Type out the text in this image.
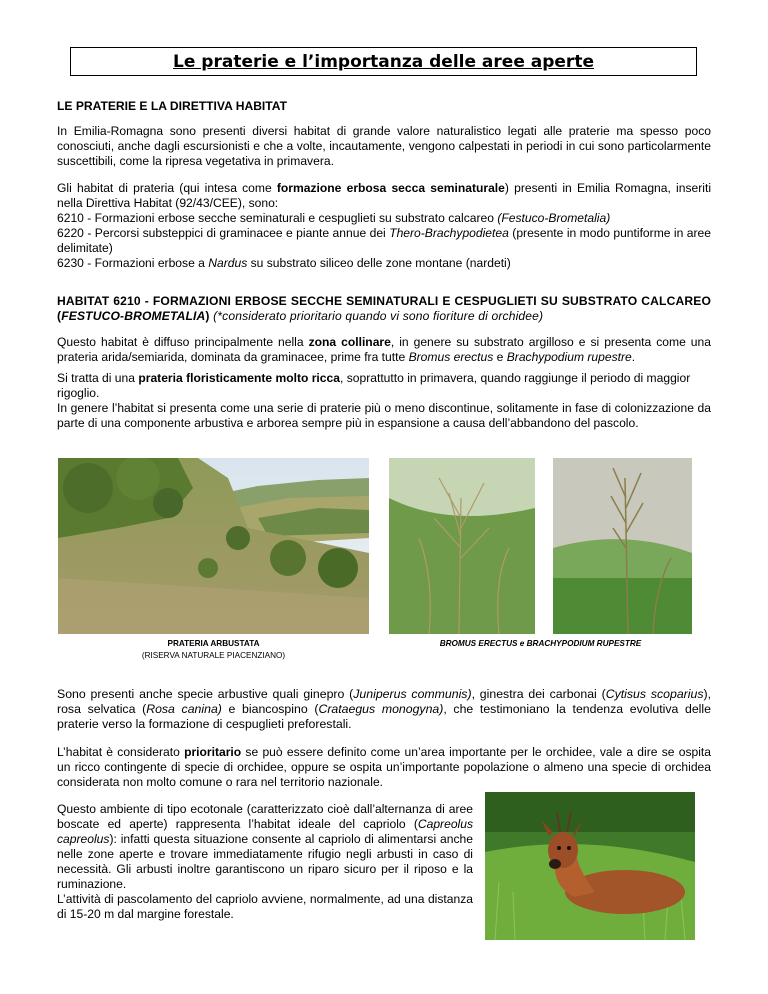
Le praterie e l’importanza delle aree aperte
LE PRATERIE E LA DIRETTIVA HABITAT
In Emilia-Romagna sono presenti diversi habitat di grande valore naturalistico legati alle praterie ma spesso poco conosciuti, anche dagli escursionisti e che a volte, incautamente, vengono calpestati in periodi in cui sono particolarmente suscettibili, come la ripresa vegetativa in primavera.
Gli habitat di prateria (qui intesa come formazione erbosa secca seminaturale) presenti in Emilia Romagna, inseriti nella Direttiva Habitat (92/43/CEE), sono:
6210 - Formazioni erbose secche seminaturali e cespuglieti su substrato calcareo (Festuco-Brometalia)
6220 - Percorsi substeppici di graminacee e piante annue dei Thero-Brachypodietea (presente in modo puntiforme in aree delimitate)
6230 - Formazioni erbose a Nardus su substrato siliceo delle zone montane (nardeti)
HABITAT 6210 - FORMAZIONI ERBOSE SECCHE SEMINATURALI E CESPUGLIETI SU SUBSTRATO CALCAREO (FESTUCO-BROMETALIA) (*considerato prioritario quando vi sono fioriture di orchidee)
Questo habitat è diffuso principalmente nella zona collinare, in genere su substrato argilloso e si presenta come una prateria arida/semiarida, dominata da graminacee, prime fra tutte Bromus erectus e Brachypodium rupestre.
Si tratta di una prateria floristicamente molto ricca, soprattutto in primavera, quando raggiunge il periodo di maggior rigoglio.
In genere l’habitat si presenta come una serie di praterie più o meno discontinue, solitamente in fase di colonizzazione da parte di una componente arbustiva e arborea sempre più in espansione a causa dell’abbandono del pascolo.
PRATERIA ARBUSTATA
(RISERVA NATURALE PIACENZIANO)
BROMUS ERECTUS e BRACHYPODIUM RUPESTRE
Sono presenti anche specie arbustive quali ginepro (Juniperus communis), ginestra dei carbonai (Cytisus scoparius), rosa selvatica (Rosa canina) e biancospino (Crataegus monogyna), che testimoniano la tendenza evolutiva delle praterie verso la formazione di cespuglieti preforestali.
L’habitat è considerato prioritario se può essere definito come un’area importante per le orchidee, vale a dire se ospita un ricco contingente di specie di orchidee, oppure se ospita un’importante popolazione o almeno una specie di orchidea considerata non molto comune o rara nel territorio nazionale.
Questo ambiente di tipo ecotonale (caratterizzato cioè dall’alternanza di aree boscate ed aperte) rappresenta l’habitat ideale del capriolo (Capreolus capreolus): infatti questa situazione consente al capriolo di alimentarsi anche nelle zone aperte e trovare immediatamente rifugio negli arbusti in caso di necessità. Gli arbusti inoltre garantiscono un riparo sicuro per il riposo e la ruminazione.
L’attività di pascolamento del capriolo avviene, normalmente, ad una distanza di 15-20 m dal margine forestale.
